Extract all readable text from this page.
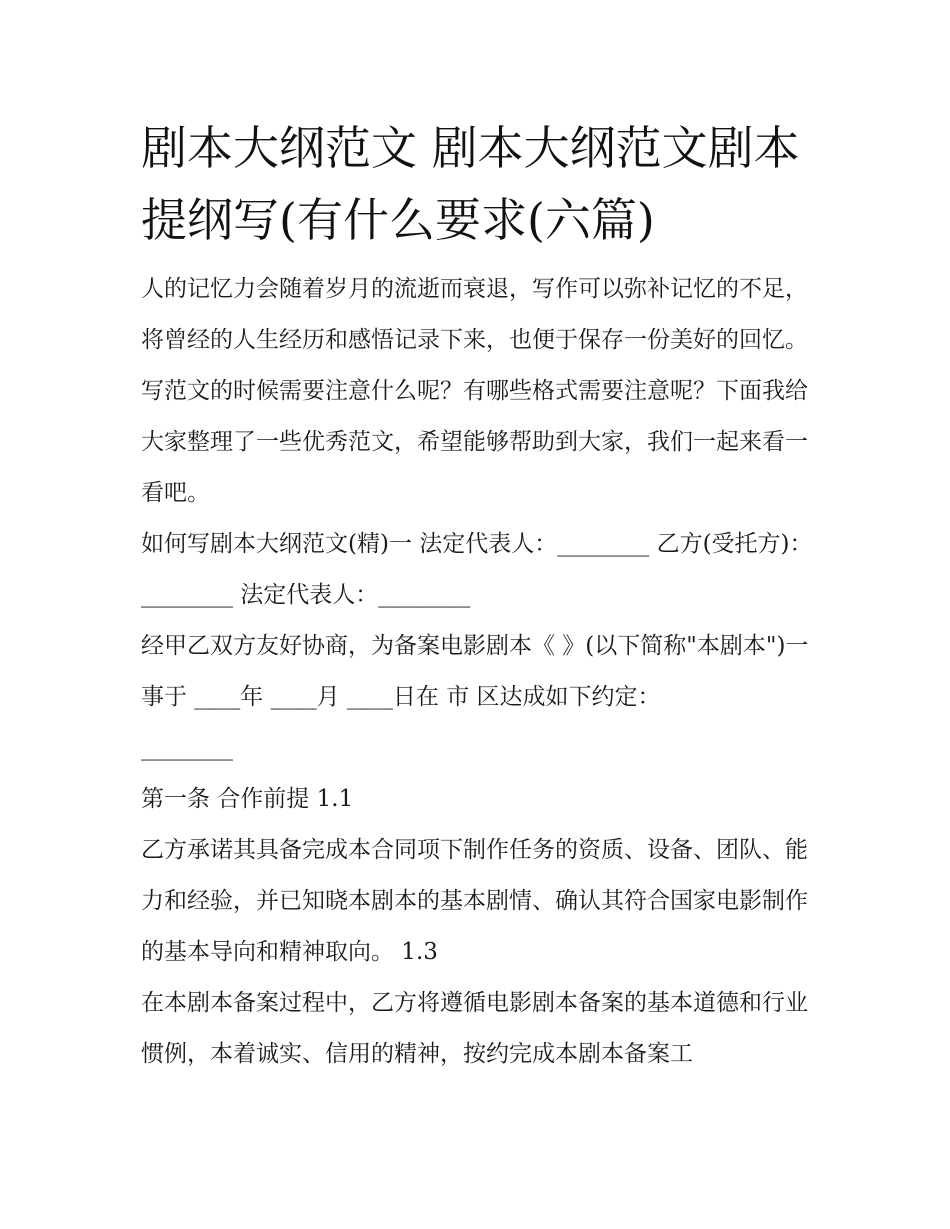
剧本大纲范文 剧本大纲范文剧本提纲写(有什么要求(六篇)

人的记忆力会随着岁月的流逝而衰退，写作可以弥补记忆的不足，将曾经的人生经历和感悟记录下来，也便于保存一份美好的回忆。写范文的时候需要注意什么呢？有哪些格式需要注意呢？下面我给大家整理了一些优秀范文，希望能够帮助到大家，我们一起来看一看吧。

如何写剧本大纲范文(精)一 法定代表人：________ 乙方(受托方)：________ 法定代表人：________

经甲乙双方友好协商，为备案电影剧本《 》(以下简称"本剧本")一事于 ____年 ____月 ____日在 市 区达成如下约定：

________

第一条 合作前提 1.1

乙方承诺其具备完成本合同项下制作任务的资质、设备、团队、能力和经验，并已知晓本剧本的基本剧情、确认其符合国家电影制作的基本导向和精神取向。 1.3

在本剧本备案过程中，乙方将遵循电影剧本备案的基本道德和行业惯例，本着诚实、信用的精神，按约完成本剧本备案工
